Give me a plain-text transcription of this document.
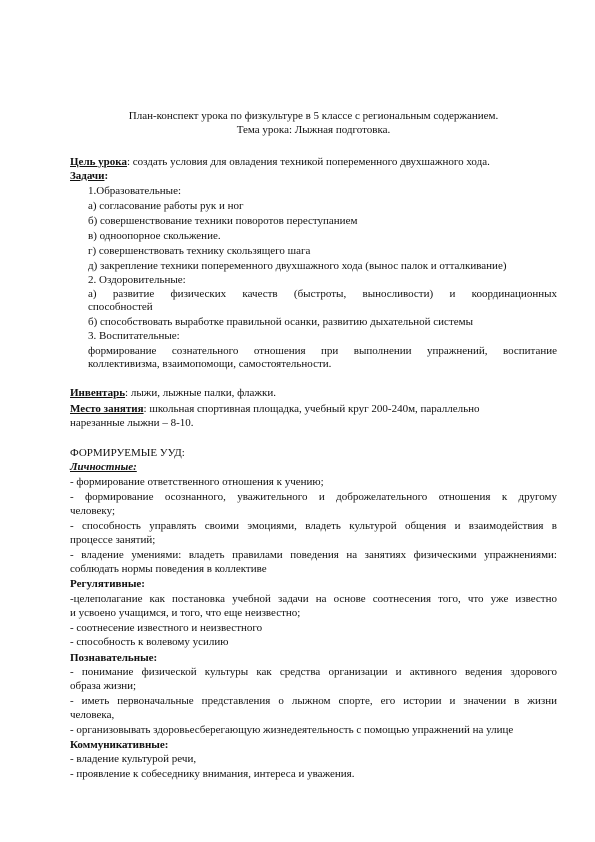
План-конспект урока по физкультуре в 5 классе с региональным содержанием.
Тема урока: Лыжная подготовка.
Цель урока: создать условия для овладения техникой попеременного двухшажного хода.
Задачи:
1.Образовательные:
а) согласование работы рук и ног
б) совершенствование техники поворотов переступанием
в) одноопорное скольжение.
г) совершенствовать технику скользящего шага
д) закрепление техники попеременного двухшажного хода (вынос палок и отталкивание)
2. Оздоровительные:
а) развитие физических качеств (быстроты, выносливости) и координационных
способностей
б) способствовать выработке правильной осанки, развитию дыхательной системы
3. Воспитательные:
формирование сознательного отношения при выполнении упражнений, воспитание
коллективизма, взаимопомощи, самостоятельности.
Инвентарь: лыжи, лыжные палки, флажки.
Место занятия: школьная спортивная площадка, учебный круг 200-240м, параллельно
нарезанные лыжни – 8-10.
ФОРМИРУЕМЫЕ УУД:
Личностные:
- формирование ответственного отношения к учению;
- формирование осознанного, уважительного и доброжелательного отношения к другому
человеку;
- способность управлять своими эмоциями, владеть культурой общения и взаимодействия в
процессе занятий;
- владение умениями: владеть правилами поведения на занятиях физическими упражнениями:
соблюдать нормы поведения в коллективе
Регулятивные:
-целеполагание как постановка учебной задачи на основе соотнесения того, что уже известно
и усвоено учащимся, и того, что еще неизвестно;
- соотнесение известного и неизвестного
- способность к волевому усилию
Познавательные:
- понимание физической культуры как средства организации и активного ведения здорового
образа жизни;
- иметь первоначальные представления о лыжном спорте, его истории и значении в жизни
человека,
- организовывать здоровьесберегающую жизнедеятельность с помощью упражнений на улице
Коммуникативные:
- владение культурой речи,
- проявление к собеседнику внимания, интереса и уважения.
